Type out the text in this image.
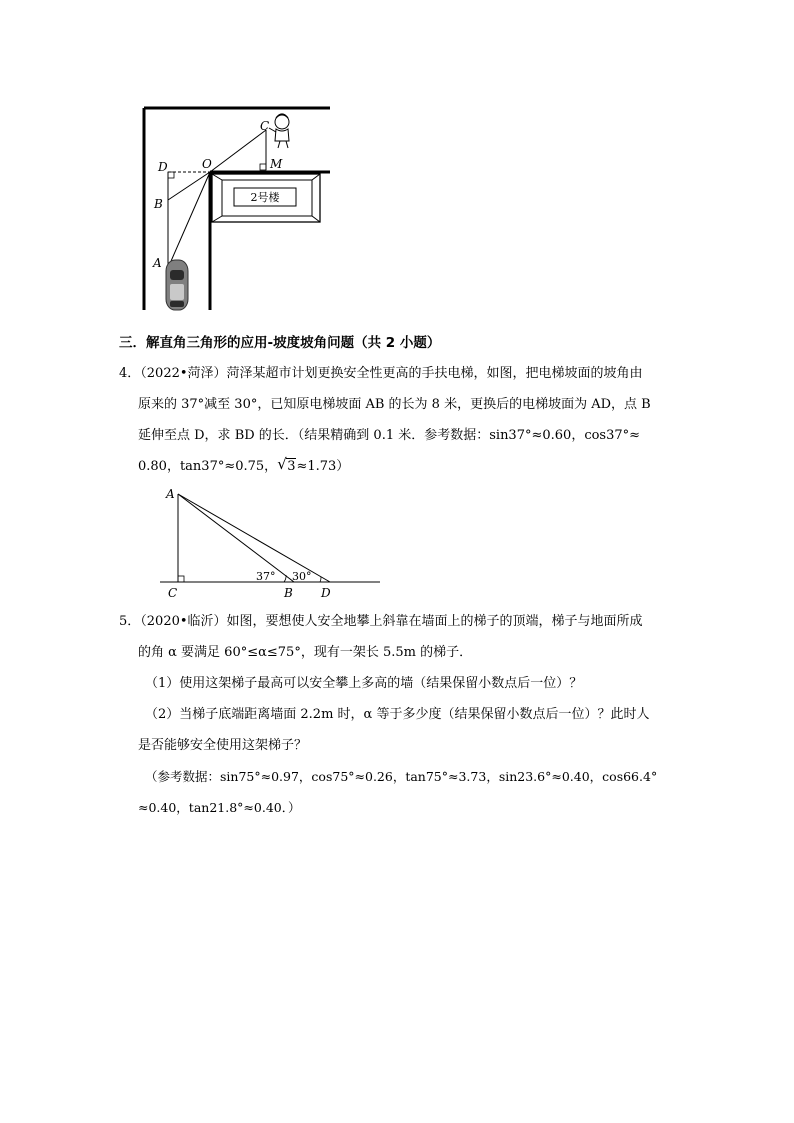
2号楼
C
M
D	O
B
A
三．解直角三角形的应用-坡度坡角问题（共 2 小题）
4．（2022•菏泽）菏泽某超市计划更换安全性更高的手扶电梯，如图，把电梯坡面的坡角由
原来的 37°减至 30°，已知原电梯坡面 AB 的长为 8 米，更换后的电梯坡面为 AD，点 B
延伸至点 D，求 BD 的长．（结果精确到 0.1 米．参考数据：sin37°≈0.60，cos37°≈
0.80，tan37°≈0.75， √ 3≈1.73）
A
C	B D
37° 30°
5．（2020•临沂）如图，要想使人安全地攀上斜靠在墙面上的梯子的顶端，梯子与地面所成
的角 α 要满足 60°≤α≤75°，现有一架长 5.5m 的梯子．
（1）使用这架梯子最高可以安全攀上多高的墙（结果保留小数点后一位）？
（2）当梯子底端距离墙面 2.2m 时，α 等于多少度（结果保留小数点后一位）？此时人
是否能够安全使用这架梯子？
（参考数据：sin75°≈0.97，cos75°≈0.26，tan75°≈3.73，sin23.6°≈0.40，cos66.4°
≈0.40，tan21.8°≈0.40．）
